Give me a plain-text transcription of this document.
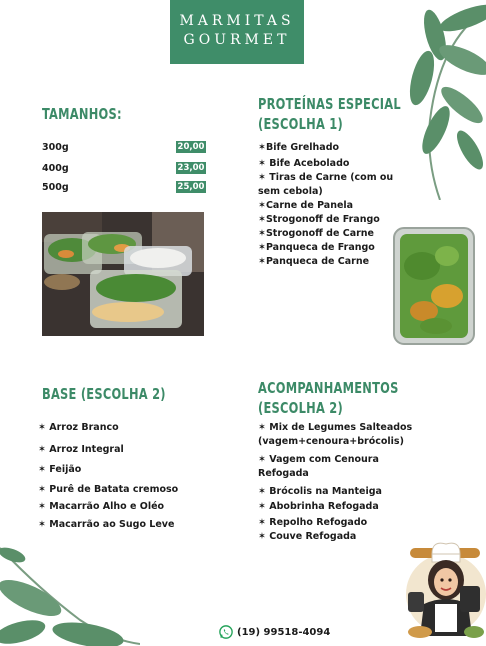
MARMITAS
GOURMET
TAMANHOS:
300g	20,00
400g	23,00
500g	25,00
PROTEÍNAS ESPECIAL
(ESCOLHA 1)
✶Bife Grelhado
✶ Bife Acebolado
✶ Tiras de Carne (com ou
sem cebola)
✶Carne de Panela
✶Strogonoff de Frango
✶Strogonoff de Carne
✶Panqueca de Frango
✶Panqueca de Carne
BASE (ESCOLHA 2)
✶ Arroz Branco
✶ Arroz Integral
✶ Feijão
✶ Purê de Batata cremoso
✶ Macarrão Alho e Oléo
✶ Macarrão ao Sugo Leve
ACOMPANHAMENTOS
(ESCOLHA 2)
✶ Mix de Legumes Salteados
(vagem+cenoura+brócolis)
✶ Vagem com Cenoura
Refogada
✶ Brócolis na Manteiga
✶ Abobrinha Refogada
✶ Repolho Refogado
✶ Couve Refogada
(19) 99518-4094
